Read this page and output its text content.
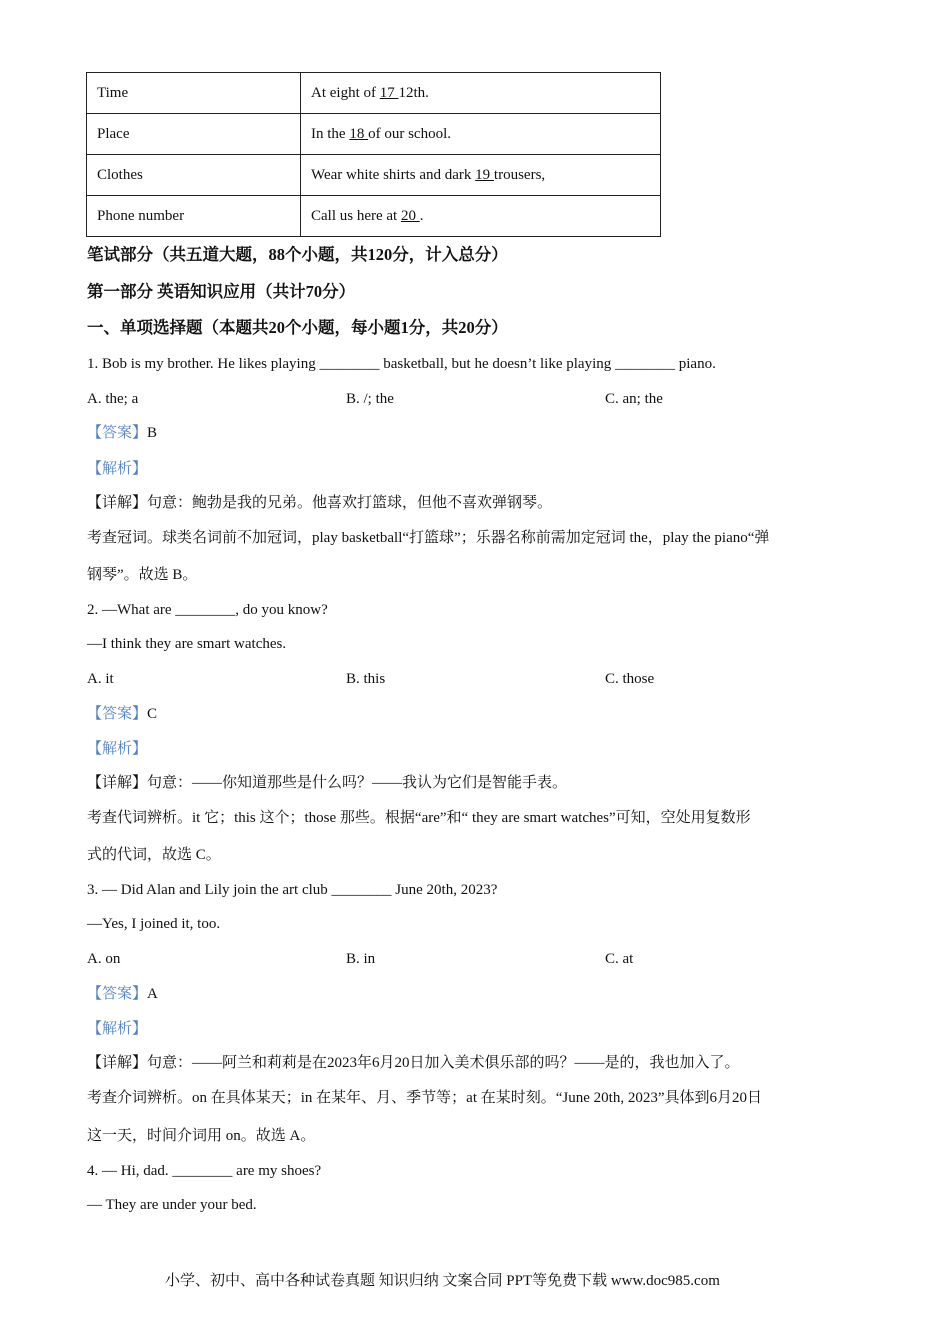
Time	At eight of 17 12th.
Place	In the 18 of our school.
Clothes	Wear white shirts and dark 19 trousers,
Phone number	Call us here at 20 .
笔试部分（共五道大题，88个小题，共120分，计入总分）
第一部分 英语知识应用（共计70分）
一、单项选择题（本题共20个小题，每小题1分，共20分）
1. Bob is my brother. He likes playing ________ basketball, but he doesn’t like playing ________ piano.
A. the; a	B. /; the	C. an; the
【答案】B
【解析】
【详解】句意：鲍勃是我的兄弟。他喜欢打篮球，但他不喜欢弹钢琴。
考查冠词。球类名词前不加冠词，play basketball“打篮球”；乐器名称前需加定冠词 the，play the piano“弹
钢琴”。故选 B。
2. —What are ________, do you know?
—I think they are smart watches.
A. it	B. this	C. those
【答案】C
【解析】
【详解】句意：——你知道那些是什么吗？——我认为它们是智能手表。
考查代词辨析。it 它；this 这个；those 那些。根据“are”和“ they are smart watches”可知，空处用复数形
式的代词，故选 C。
3. — Did Alan and Lily join the art club ________ June 20th, 2023?
—Yes, I joined it, too.
A. on	B. in	C. at
【答案】A
【解析】
【详解】句意：——阿兰和莉莉是在2023年6月20日加入美术俱乐部的吗？——是的，我也加入了。
考查介词辨析。on 在具体某天；in 在某年、月、季节等；at 在某时刻。“June 20th, 2023”具体到6月20日
这一天，时间介词用 on。故选 A。
4. — Hi, dad. ________ are my shoes?
— They are under your bed.
小学、初中、高中各种试卷真题 知识归纳 文案合同 PPT等免费下载 www.doc985.com
